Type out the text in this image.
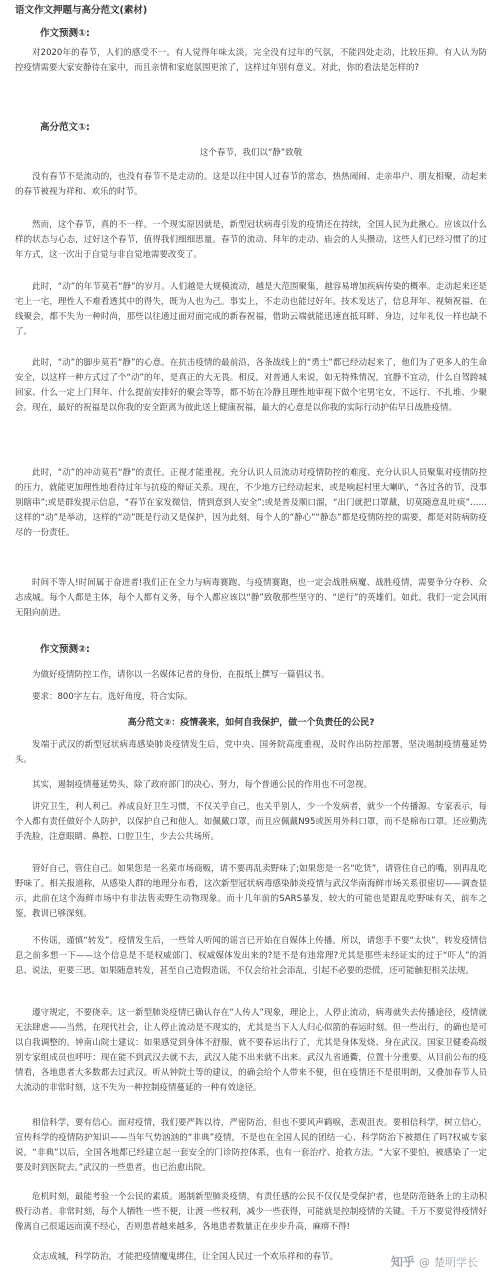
语文作文押题与高分范文(素材)
作文预测①:
对2020年的春节，人们的感受不一。有人觉得年味太淡，完全没有过年的气氛，不能四处走动，比较压抑。有人认为防控疫情需要大家安静待在家中，而且亲情和家庭氛围更浓了，这样过年别有意义。对此，你的看法是怎样的?
高分范文①:
这个春节，我们以“静”致敬
没有春节不是流动的，也没有春节不是走动的。这是以往中国人过春节的常态，热热闹闹、走亲串户、朋友相聚，动起来的春节被视为祥和、欢乐的时节。
然而，这个春节，真的不一样。一个现实原因就是，新型冠状病毒引发的疫情还在持续，全国人民为此揪心。应该以什么样的状态与心态，过好这个春节，值得我们细细思量。春节的流动、拜年的走动、庙会的人头攒动，这些人们已经习惯了的过年方式，这一次出于自觉与非自觉地需要改变了。
此时，“动”的年节莫若“静”的岁月。人们越是大规模流动，越是大范围聚集，越容易增加疾病传染的概率。走动起来还是宅上一宅，理性人不难看透其中的得失，既为人也为己。事实上，不走动也能过好年。技术发达了，信息拜年、视频祝福、在线聚会，都不失为一种时尚，那些以往通过面对面完成的新春祝福，借助云端就能迅速直抵耳畔、身边，过年礼仪一样也缺不了。
此时，“动”的脚步莫若“静”的心意。在抗击疫情的最前沿，各条战线上的“勇士”都已经动起来了，他们为了更多人的生命安全，以这样一种方式过了个“动”的年，是真正的大无畏。相反，对普通人来说，如无特殊情况，宜静不宜动，什么自驾跨城回家、什么一定上门拜年、什么提前安排好的聚会等等，都不妨在冷静且理性地审视下做个宅男宅女，不远行、不扎堆、少聚会。现在，最好的祝福是以你我的安全距离为彼此送上健康祝福，最大的心意是以你我的实际行动护佑早日战胜疫情。
此时，“动”的冲动莫若“静”的责任。正视才能重视。充分认识人员流动对疫情防控的难度、充分认识人员聚集对疫情防控的压力，就能更加理性地看待过年与抗疫的辩证关系。现在，不少地方已经动起来，或是响起村里大喇叭，“各过各的节，没事别瞎串”;或是群发提示信息，“春节在家发微信，情到意到人安全”;或是普及顺口溜，“出门就把口罩戴，切莫随意乱吐痰”……这样的“动”是举动，这样的“动”既是行动又是保护，因为此刻，每个人的“静心”“静态”都是疫情防控的需要，都是对防病防疫尽的一份责任。
时间不等人!时间属于奋进者!我们正在全力与病毒赛跑、与疫情赛跑，也一定会战胜病魔、战胜疫情，需要争分夺秒、众志成城。每个人都是主体，每个人都有义务，每个人都应该以“静”致敬那些坚守的、“逆行”的英雄们。如此，我们一定会风雨无阻向前进。
作文预测②:
为做好疫情防控工作，请你以一名媒体记者的身份，在报纸上撰写一篇倡议书。
要求：800字左右。选好角度，符合实际。
高分范文②：疫情袭来，如何自我保护，做一个负责任的公民?
发端于武汉的新型冠状病毒感染肺炎疫情发生后，党中央、国务院高度重视，及时作出防控部署，坚决遏制疫情蔓延势头。
其实，遏制疫情蔓延势头，除了政府部门的决心、努力，每个普通公民的作用也不可忽视。
讲究卫生，利人利己。养成良好卫生习惯，不仅关乎自己，也关乎别人，少一个发病者，就少一个传播源。专家表示，每个人都有责任做好个人防护，以保护自己和他人。如佩戴口罩，而且应佩戴N95或医用外科口罩，而不是棉布口罩。还应勤洗手洗脸，注意眼睛、鼻腔、口腔卫生，少去公共场所。
管好自己，管住自己。如果您是一名菜市场商贩，请不要再乱卖野味了;如果您是一名“吃货”，请管住自己的嘴，别再乱吃野味了。相关报道称，从感染人群的地理分布看，这次新型冠状病毒感染肺炎疫情与武汉华南海鲜市场关系很密切——调查显示，此前在这个海鲜市场中有非法售卖野生动物现象。而十几年前的SARS暴发，较大的可能也是跟乱吃野味有关，前车之鉴，教训已够深刻。
不传谣，谨慎“转发”。疫情发生后，一些耸人听闻的谣言已开始在自媒体上传播。所以，请您手不要“太快”，转发疫情信息之前多想一下——这个信息是不是权威部门、权威媒体发出来的?是不是有违常理?尤其是那些未经证实的过于“吓人”的消息、说法，更要三思。如果随意转发，甚至自己造假造谣，不仅会给社会添乱，引起不必要的恐慌，还可能触犯相关法规。
遵守规定，不要侥幸。这一新型肺炎疫情已确认存在“人传人”现象，理论上，人停止流动，病毒就失去传播途径，疫情就无法肆虐——当然，在现代社会，让人停止流动是不现实的，尤其是当下人人归心似箭的春运时刻。但一些出行，的确也是可以自我调整的。钟南山院士建议：如果感觉到身体不舒服，就不要春运出行了，尤其是身体发烧、身在武汉。国家卫健委高级别专家组成员也呼吁：现在能不到武汉去就不去，武汉人能不出来就不出来。武汉九省通衢，位置十分重要。从目前公布的疫情看，各地患者大多数都去过武汉。听从钟院士等的建议，的确会给个人带来不便，但在疫情还不是很明朗，又叠加春节人员大流动的非常时刻，这不失为一种控制疫情蔓延的一种有效途径。
相信科学，要有信心。面对疫情，我们要严阵以待，严密防治，但也不要风声鹤唳，悲观沮丧。要相信科学，树立信心，宣传科学的疫情防护知识——当年气势汹汹的“非典”疫情，不是也在全国人民的团结一心、科学防治下被摁住了吗?权威专家说，“非典”以后，全国各地都已经建立起一套安全的门诊防控体系，也有一套治疗、抢救方法。“大家不要怕，被感染了一定要及时到医院去。”武汉的一些患者，也已治愈出院。
危机时刻，最能考验一个公民的素质。遏制新型肺炎疫情，有责任感的公民不仅仅是受保护者，也是防范链条上的主动积极行动者。非常时刻，每个人牺牲一些不便，让渡一些权利，减少一些获得，可能就是控制疫情的关键。千万不要觉得疫情好像离自己很遥远而漠不经心，否则患者越来越多，各地患者数量正在步步升高，麻痹不得!
众志成城，科学防治，才能把疫情魔鬼绑住，让全国人民过一个欢乐祥和的春节。	知乎 @ 楚明学长
